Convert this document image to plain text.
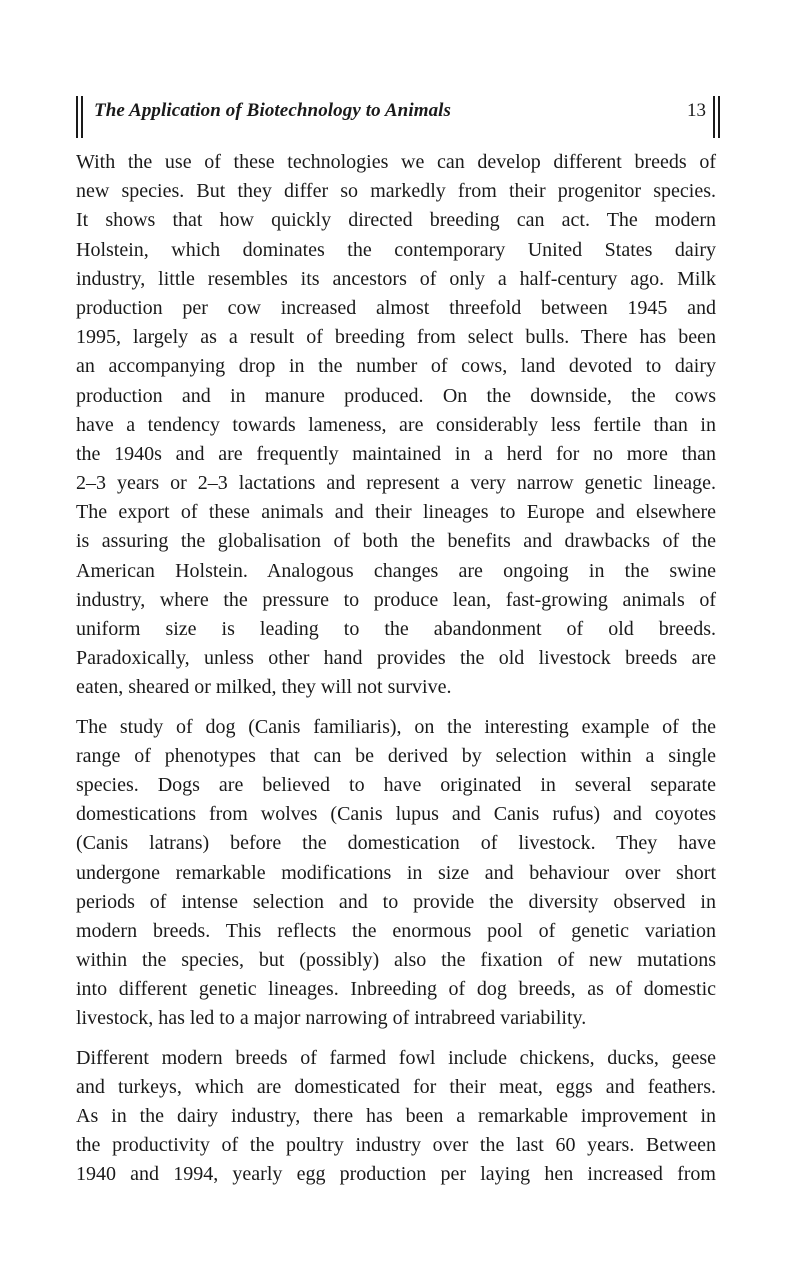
The Application of Biotechnology to Animals	13
With the use of these technologies we can develop different breeds of
new species. But they differ so markedly from their progenitor species.
It shows that how quickly directed breeding can act. The modern
Holstein, which dominates the contemporary United States dairy
industry, little resembles its ancestors of only a half-century ago. Milk
production per cow increased almost threefold between 1945 and
1995, largely as a result of breeding from select bulls. There has been
an accompanying drop in the number of cows, land devoted to dairy
production and in manure produced. On the downside, the cows
have a tendency towards lameness, are considerably less fertile than in
the 1940s and are frequently maintained in a herd for no more than
2–3 years or 2–3 lactations and represent a very narrow genetic lineage.
The export of these animals and their lineages to Europe and elsewhere
is assuring the globalisation of both the benefits and drawbacks of the
American Holstein. Analogous changes are ongoing in the swine
industry, where the pressure to produce lean, fast-growing animals of
uniform size is leading to the abandonment of old breeds.
Paradoxically, unless other hand provides the old livestock breeds are
eaten, sheared or milked, they will not survive.
The study of dog (Canis familiaris), on the interesting example of the
range of phenotypes that can be derived by selection within a single
species. Dogs are believed to have originated in several separate
domestications from wolves (Canis lupus and Canis rufus) and coyotes
(Canis latrans) before the domestication of livestock. They have
undergone remarkable modifications in size and behaviour over short
periods of intense selection and to provide the diversity observed in
modern breeds. This reflects the enormous pool of genetic variation
within the species, but (possibly) also the fixation of new mutations
into different genetic lineages. Inbreeding of dog breeds, as of domestic
livestock, has led to a major narrowing of intrabreed variability.
Different modern breeds of farmed fowl include chickens, ducks, geese
and turkeys, which are domesticated for their meat, eggs and feathers.
As in the dairy industry, there has been a remarkable improvement in
the productivity of the poultry industry over the last 60 years. Between
1940 and 1994, yearly egg production per laying hen increased from
